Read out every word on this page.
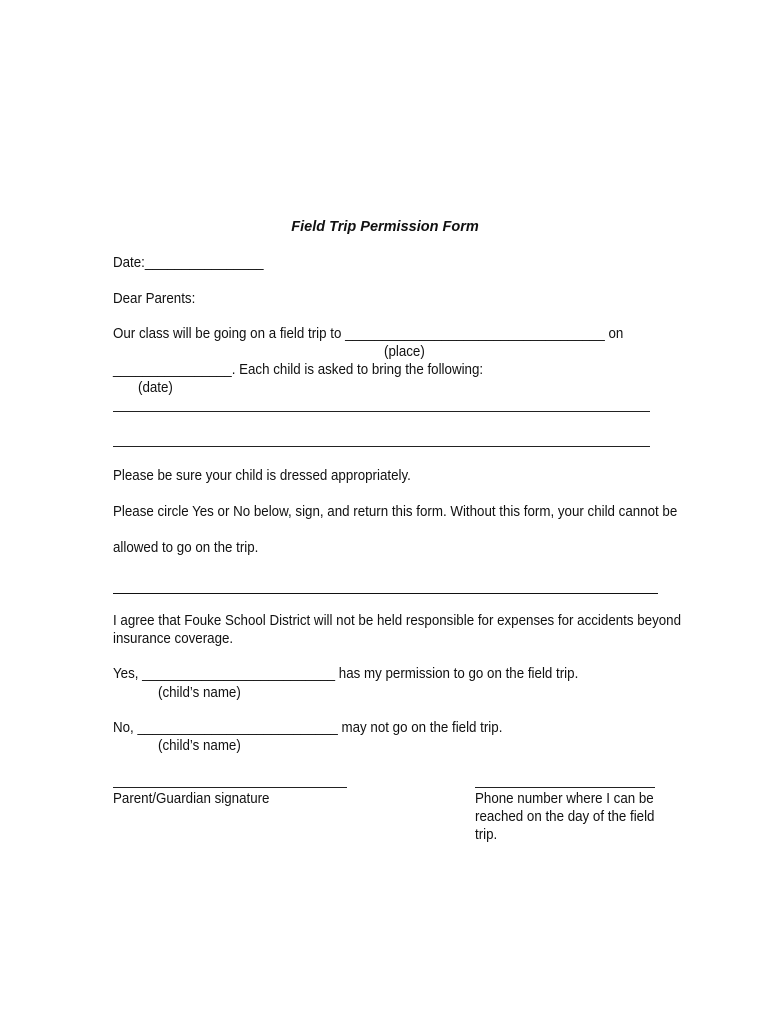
Field Trip Permission Form
Date:________________
Dear Parents:
Our class will be going on a field trip to ___________________________________ on
(place)
________________. Each child is asked to bring the following:
(date)
Please be sure your child is dressed appropriately.
Please circle Yes or No below, sign, and return this form. Without this form, your child cannot be
allowed to go on the trip.
I agree that Fouke School District will not be held responsible for expenses for accidents beyond
insurance coverage.
Yes, __________________________ has my permission to go on the field trip.
(child’s name)
No, ___________________________ may not go on the field trip.
(child’s name)
Parent/Guardian signature	Phone number where I can be
reached on the day of the field
trip.
